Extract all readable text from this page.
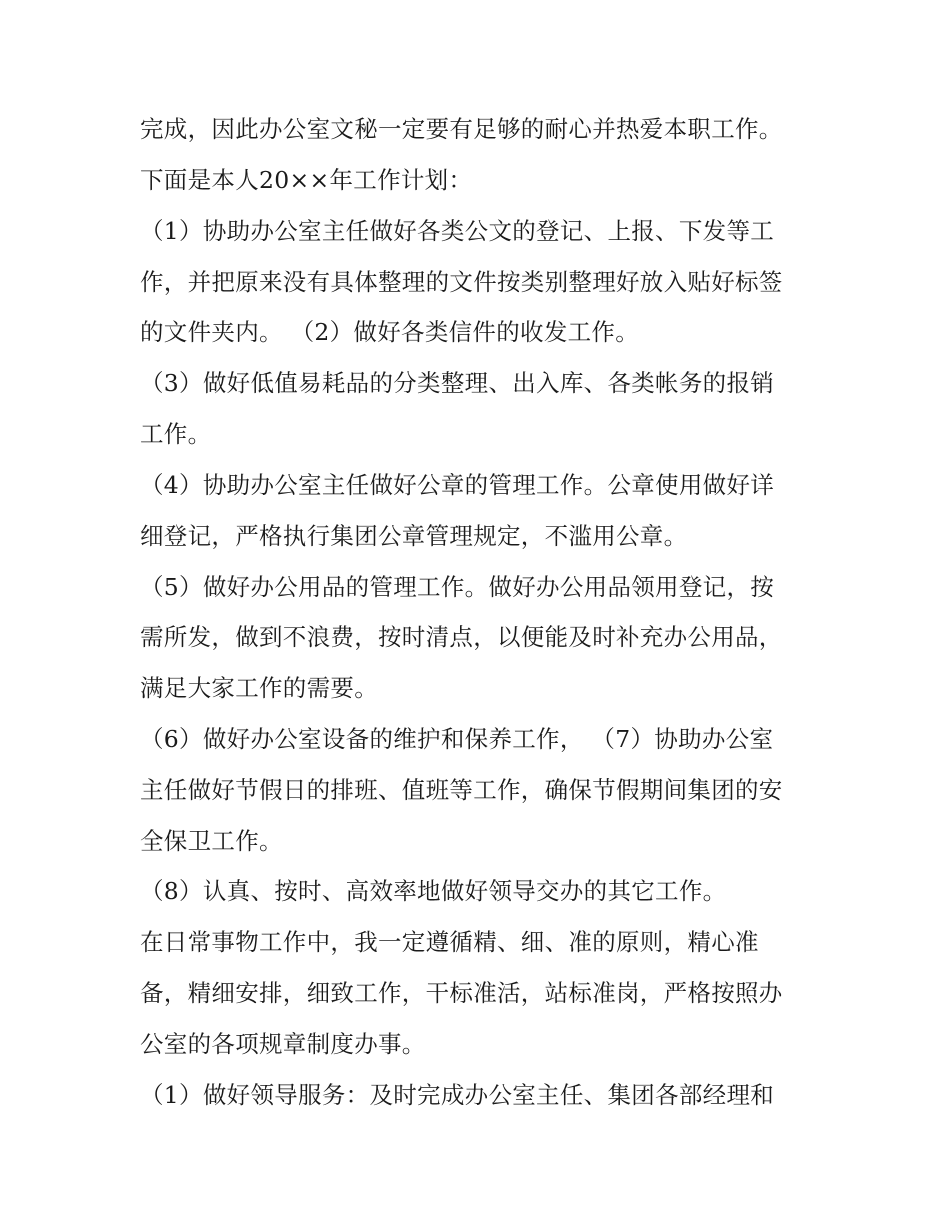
完成，因此办公室文秘一定要有足够的耐心并热爱本职工作。
下面是本人20××年工作计划：
（1）协助办公室主任做好各类公文的登记、上报、下发等工
作，并把原来没有具体整理的文件按类别整理好放入贴好标签
的文件夹内。 （2）做好各类信件的收发工作。
（3）做好低值易耗品的分类整理、出入库、各类帐务的报销
工作。
（4）协助办公室主任做好公章的管理工作。公章使用做好详
细登记，严格执行集团公章管理规定，不滥用公章。
（5）做好办公用品的管理工作。做好办公用品领用登记，按
需所发，做到不浪费，按时清点，以便能及时补充办公用品，
满足大家工作的需要。
（6）做好办公室设备的维护和保养工作， （7）协助办公室
主任做好节假日的排班、值班等工作，确保节假期间集团的安
全保卫工作。
（8）认真、按时、高效率地做好领导交办的其它工作。
在日常事物工作中，我一定遵循精、细、准的原则，精心准
备，精细安排，细致工作，干标准活，站标准岗，严格按照办
公室的各项规章制度办事。
（1）做好领导服务：及时完成办公室主任、集团各部经理和
